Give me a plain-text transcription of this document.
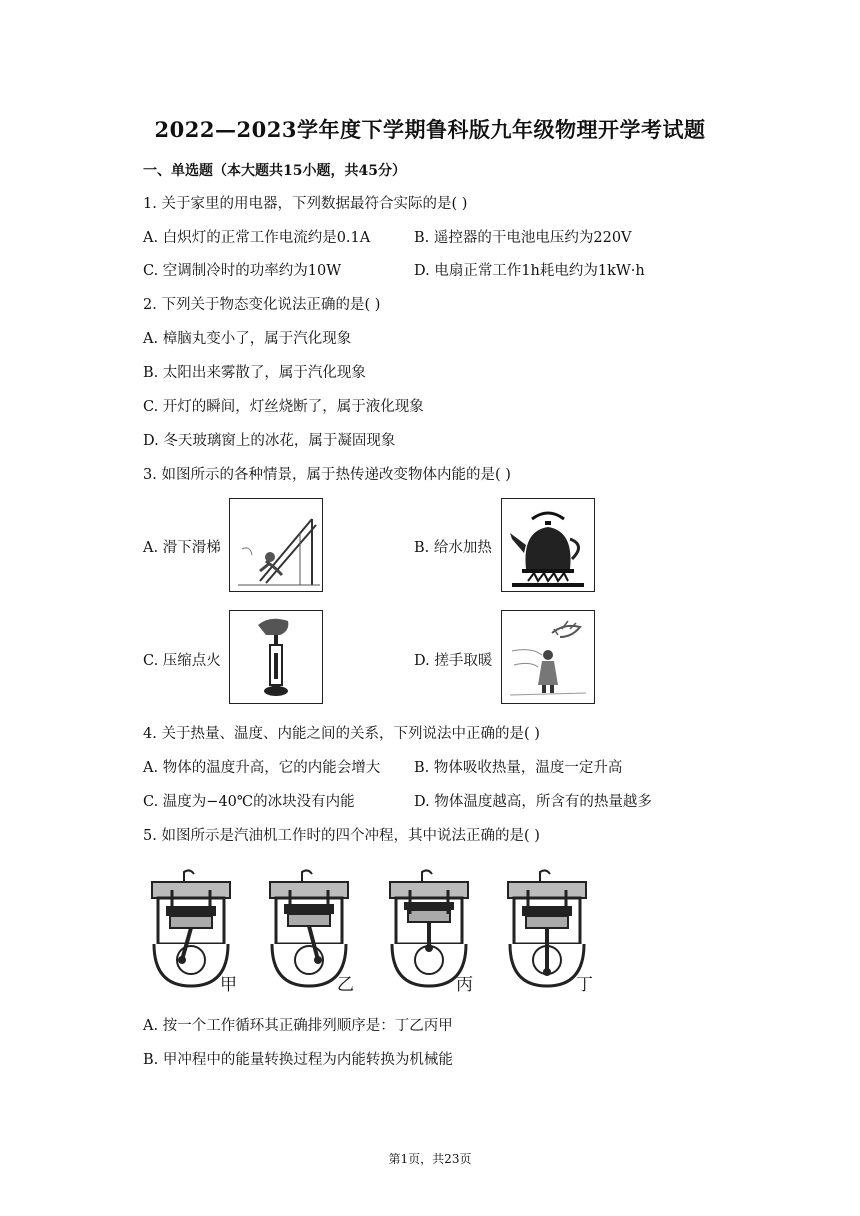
2022—2023学年度下学期鲁科版九年级物理开学考试题
一、单选题（本大题共15小题，共45分）
1. 关于家里的用电器，下列数据最符合实际的是( )
A. 白炽灯的正常工作电流约是0.1A	B. 遥控器的干电池电压约为220V
C. 空调制冷时的功率约为10W	D. 电扇正常工作1h耗电约为1kW·h
2. 下列关于物态变化说法正确的是( )
A. 樟脑丸变小了，属于汽化现象
B. 太阳出来雾散了，属于汽化现象
C. 开灯的瞬间，灯丝烧断了，属于液化现象
D. 冬天玻璃窗上的冰花，属于凝固现象
3. 如图所示的各种情景，属于热传递改变物体内能的是( )
A. 滑下滑梯	B. 给水加热
C. 压缩点火	D. 搓手取暖
4. 关于热量、温度、内能之间的关系，下列说法中正确的是( )
A. 物体的温度升高，它的内能会增大 B. 物体吸收热量，温度一定升高
C. 温度为−40℃的冰块没有内能	D. 物体温度越高，所含有的热量越多
5. 如图所示是汽油机工作时的四个冲程，其中说法正确的是( )
甲	乙	丙	丁
A. 按一个工作循环其正确排列顺序是：丁乙丙甲
B. 甲冲程中的能量转换过程为内能转换为机械能
第1页，共23页
